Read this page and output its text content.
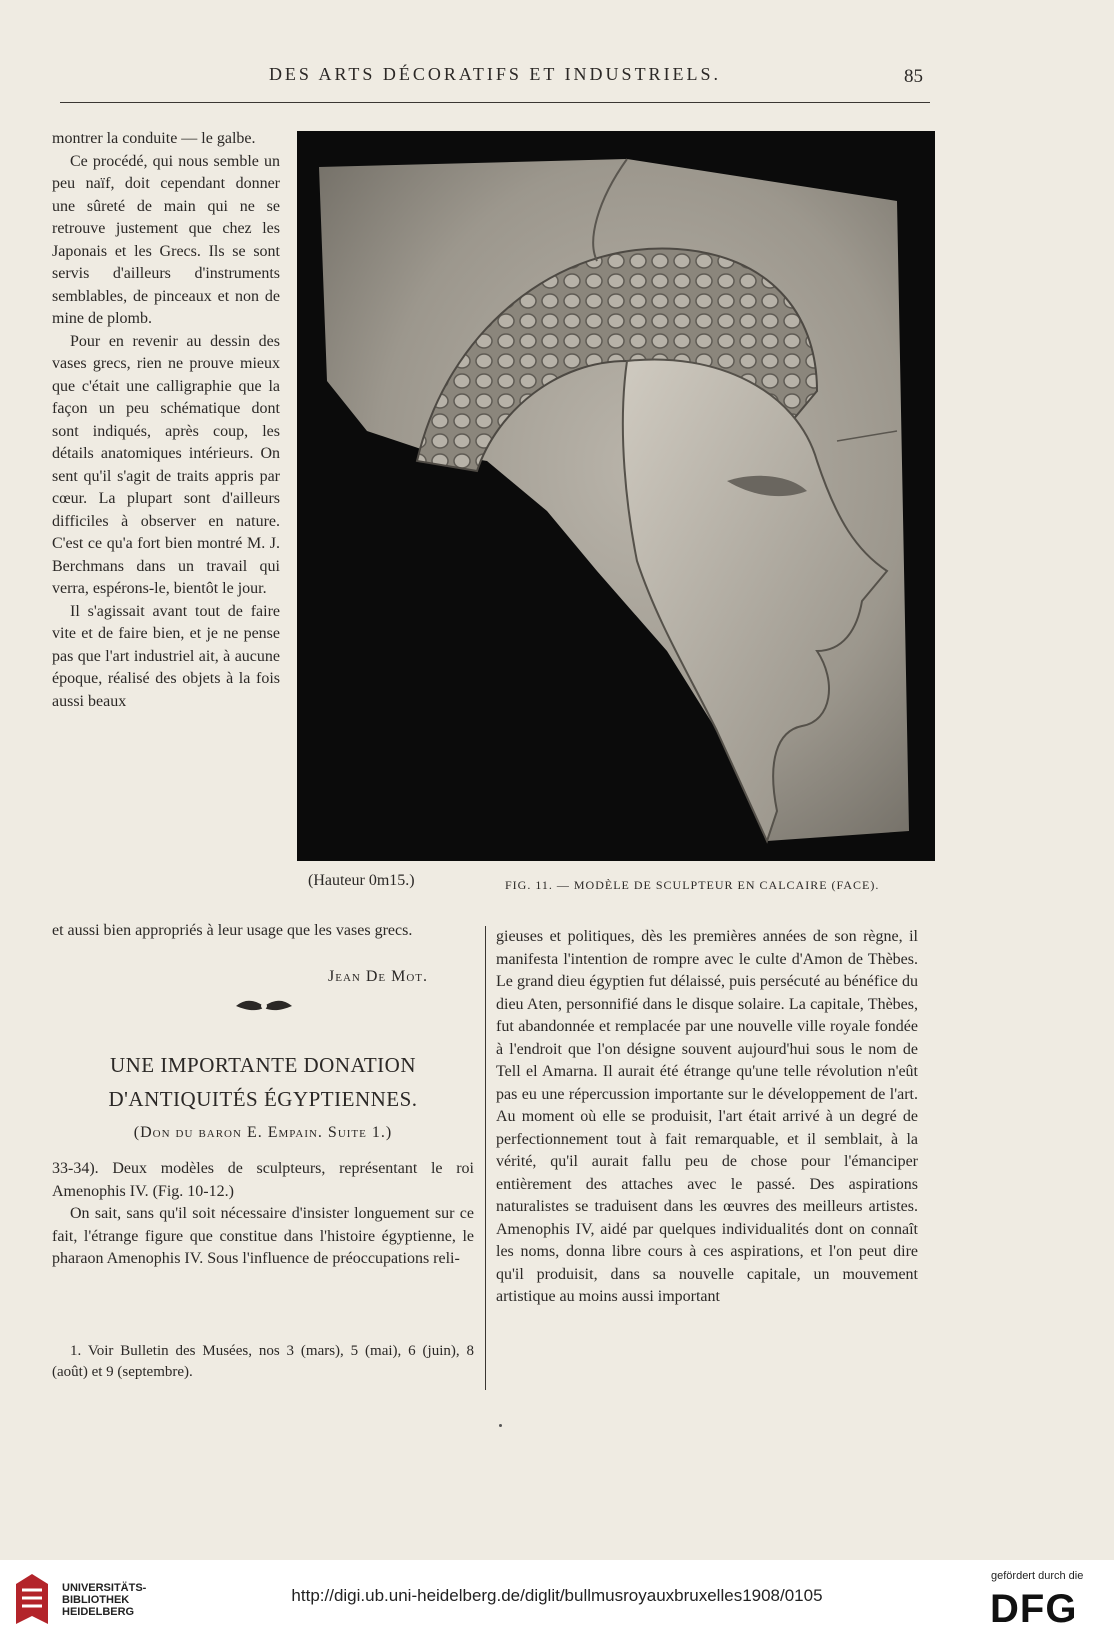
DES ARTS DÉCORATIFS ET INDUSTRIELS.	85

montrer la conduite — le galbe.

Ce procédé, qui nous semble un peu naïf, doit cependant donner une sûreté de main qui ne se retrouve justement que chez les Japonais et les Grecs. Ils se sont servis d'ailleurs d'instruments semblables, de pinceaux et non de mine de plomb.

Pour en revenir au dessin des vases grecs, rien ne prouve mieux que c'était une calligraphie que la façon un peu schématique dont sont indiqués, après coup, les détails anatomiques intérieurs. On sent qu'il s'agit de traits appris par cœur. La plupart sont d'ailleurs difficiles à observer en nature. C'est ce qu'a fort bien montré M. J. Berchmans dans un travail qui verra, espérons-le, bientôt le jour.

Il s'agissait avant tout de faire vite et de faire bien, et je ne pense pas que l'art industriel ait, à aucune époque, réalisé des objets à la fois aussi beaux

(Hauteur 0m15.)	FIG. 11. — MODÈLE DE SCULPTEUR EN CALCAIRE (FACE).
et aussi bien appropriés à leur usage que les vases grecs.
Jean De Mot.
UNE IMPORTANTE DONATION
D'ANTIQUITÉS ÉGYPTIENNES.
(Don du baron E. Empain. Suite 1.)

33-34). Deux modèles de sculpteurs, représentant le roi Amenophis IV. (Fig. 10-12.)

On sait, sans qu'il soit nécessaire d'insister longuement sur ce fait, l'étrange figure que constitue dans l'histoire égyptienne, le pharaon Amenophis IV. Sous l'influence de préoccupations reli-

1. Voir Bulletin des Musées, nos 3 (mars), 5 (mai), 6 (juin), 8 (août) et 9 (septembre).

gieuses et politiques, dès les premières années de son règne, il manifesta l'intention de rompre avec le culte d'Amon de Thèbes. Le grand dieu égyptien fut délaissé, puis persécuté au bénéfice du dieu Aten, personnifié dans le disque solaire. La capitale, Thèbes, fut abandonnée et remplacée par une nouvelle ville royale fondée à l'endroit que l'on désigne souvent aujourd'hui sous le nom de Tell el Amarna. Il aurait été étrange qu'une telle révolution n'eût pas eu une répercussion importante sur le développement de l'art. Au moment où elle se produisit, l'art était arrivé à un degré de perfectionnement tout à fait remarquable, et il semblait, à la vérité, qu'il aurait fallu peu de chose pour l'émanciper entièrement des attaches avec le passé. Des aspirations naturalistes se traduisent dans les œuvres des meilleurs artistes. Amenophis IV, aidé par quelques individualités dont on connaît les noms, donna libre cours à ces aspirations, et l'on peut dire qu'il produisit, dans sa nouvelle capitale, un mouvement artistique au moins aussi important

UNIVERSITÄTS-
BIBLIOTHEK
HEIDELBERG
http://digi.ub.uni-heidelberg.de/diglit/bullmusroyauxbruxelles1908/0105
gefördert durch die
DFG
